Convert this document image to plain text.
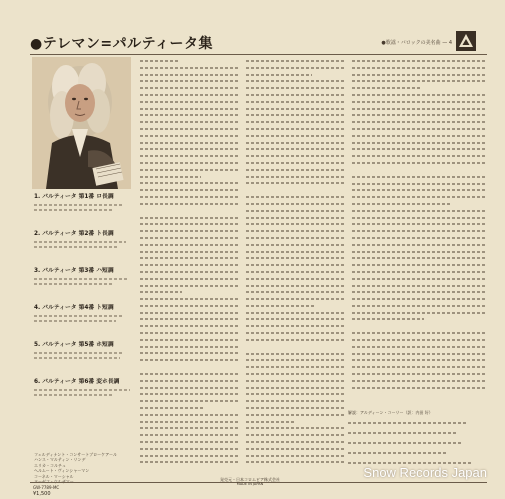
●テレマン=パルティータ集	●歌謡・バロックの美名曲 — 4
1. パルティータ 第1番 ロ長調
2. パルティータ 第2番 ト長調
3. パルティータ 第3番 ハ短調
4. パルティータ 第4番 ト短調
5. パルティータ 第5番 ホ短調
6. パルティータ 第6番 変ホ長調
フェルディナント・コンサートブローケアール
ハンス・マルティン・リンデ
エリカ・コルチュ
ヘルムート・ヴィンシャーマン
コーネル・マーシャル
解説：アルディーン・コーリー（訳：内田 好）
GW-7789-MC
¥1,500
発売元・日本コロムビア株式会社
MADE IN JAPAN
Snow Records Japan
